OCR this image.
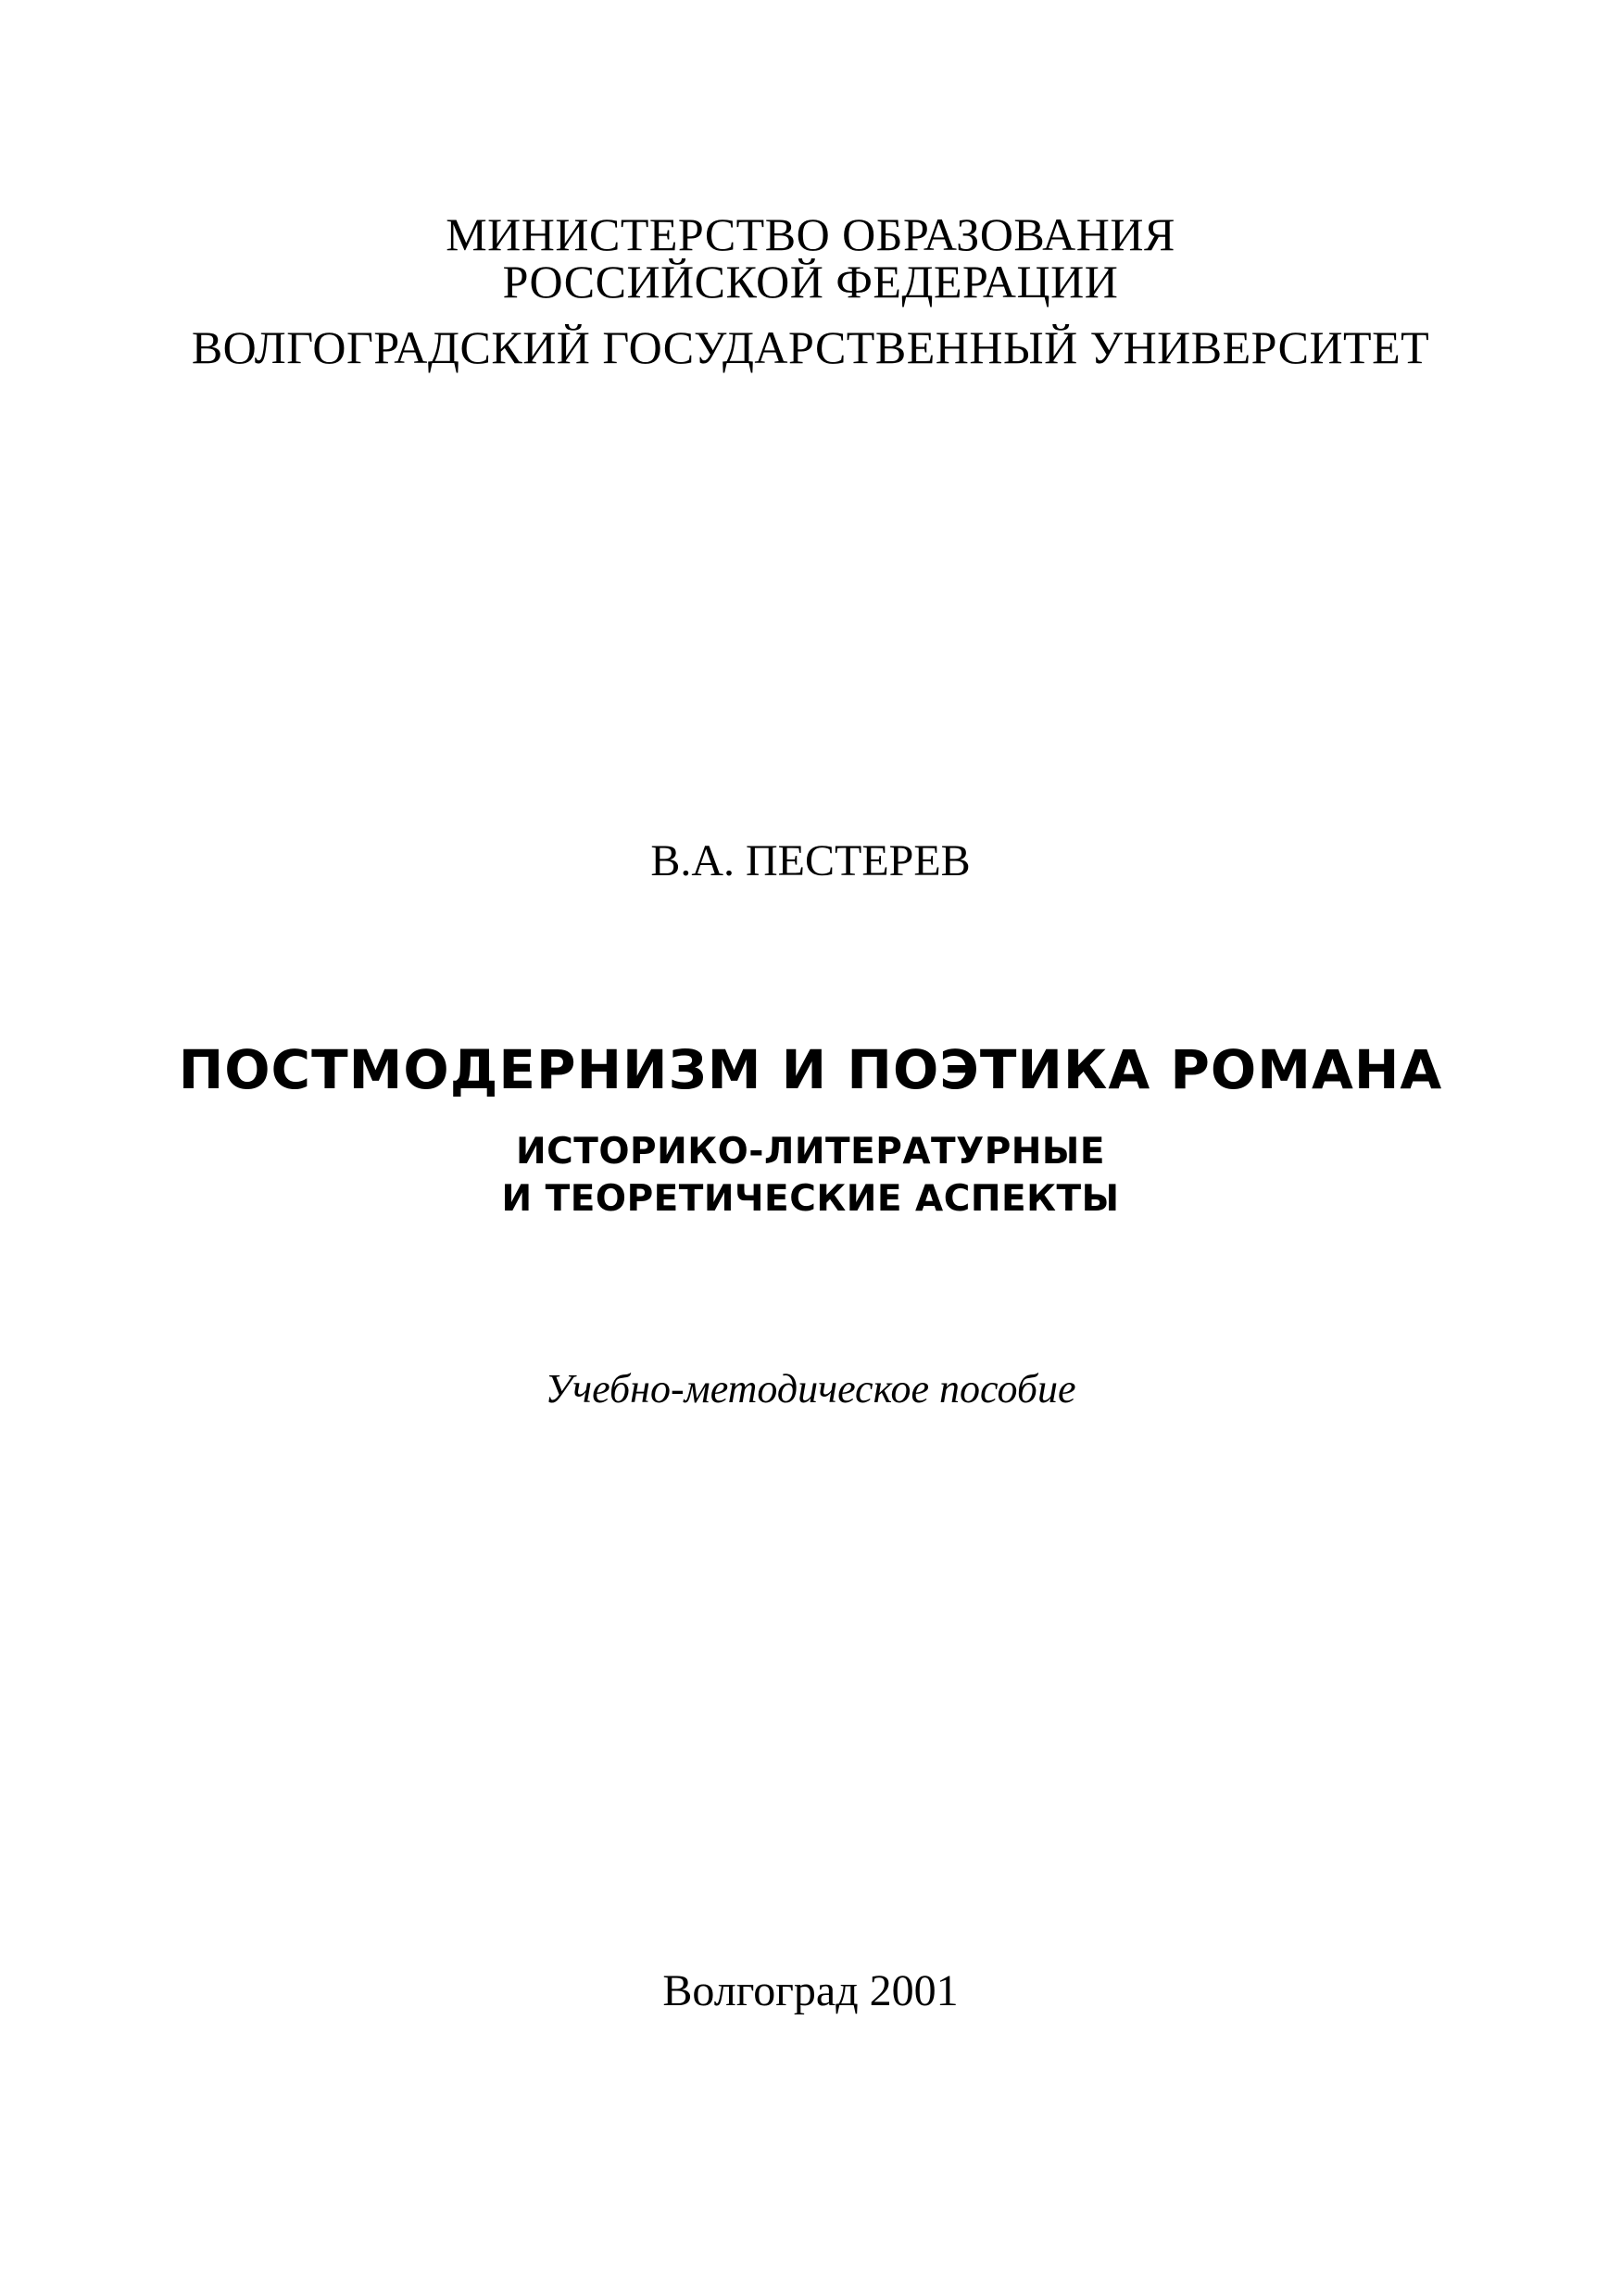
МИНИСТЕРСТВО ОБРАЗОВАНИЯ
РОССИЙСКОЙ ФЕДЕРАЦИИ
ВОЛГОГРАДСКИЙ ГОСУДАРСТВЕННЫЙ УНИВЕРСИТЕТ
В.А. ПЕСТЕРЕВ
ПОСТМОДЕРНИЗМ И ПОЭТИКА РОМАНА
ИСТОРИКО-ЛИТЕРАТУРНЫЕ
И ТЕОРЕТИЧЕСКИЕ АСПЕКТЫ
Учебно-методическое пособие
Волгоград 2001
